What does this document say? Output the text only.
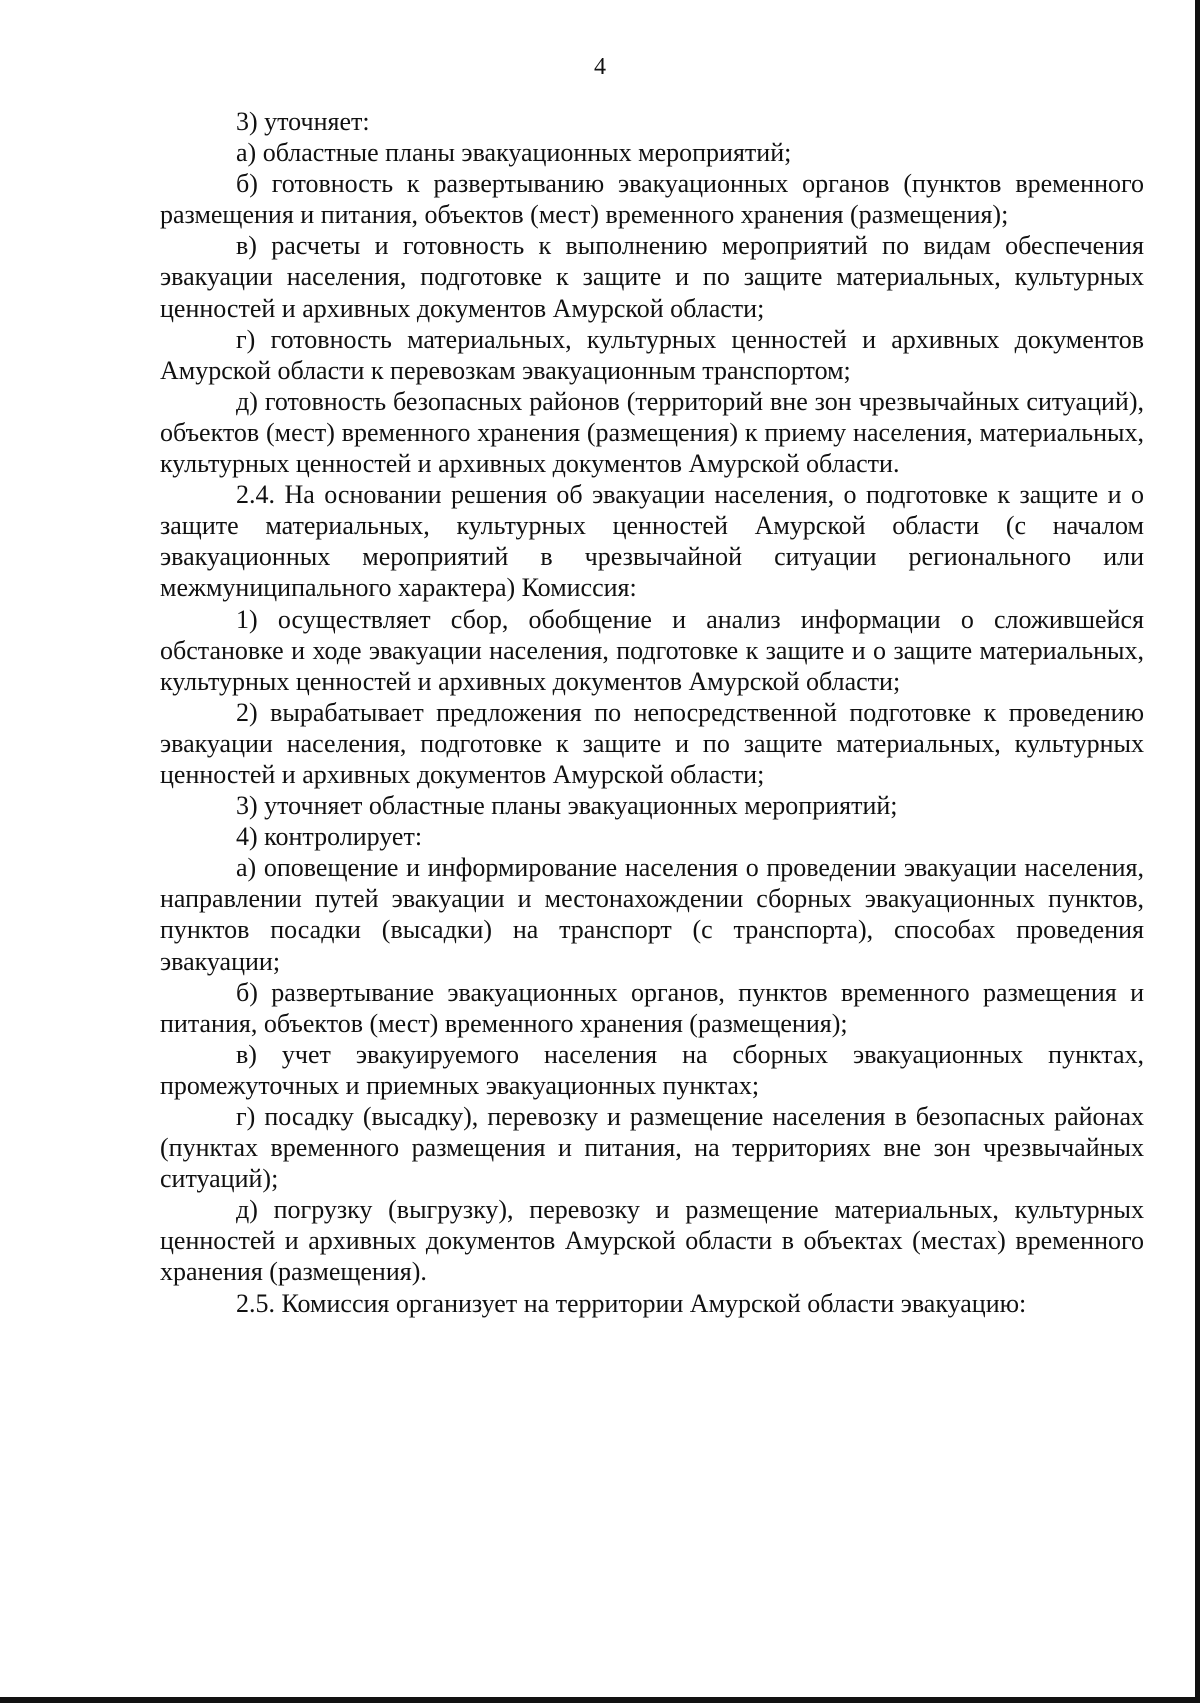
4

3) уточняет:

а) областные планы эвакуационных мероприятий;

б) готовность к развертыванию эвакуационных органов (пунктов временного размещения и питания, объектов (мест) временного хранения (размещения);

в) расчеты и готовность к выполнению мероприятий по видам обеспечения эвакуации населения, подготовке к защите и по защите материальных, культурных ценностей и архивных документов Амурской области;

г) готовность материальных, культурных ценностей и архивных документов Амурской области к перевозкам эвакуационным транспортом;

д) готовность безопасных районов (территорий вне зон чрезвычайных ситуаций), объектов (мест) временного хранения (размещения) к приему населения, материальных, культурных ценностей и архивных документов Амурской области.

2.4. На основании решения об эвакуации населения, о подготовке к защите и о защите материальных, культурных ценностей Амурской области (с началом эвакуационных мероприятий в чрезвычайной ситуации регионального или межмуниципального характера) Комиссия:

1) осуществляет сбор, обобщение и анализ информации о сложившейся обстановке и ходе эвакуации населения, подготовке к защите и о защите материальных, культурных ценностей и архивных документов Амурской области;

2) вырабатывает предложения по непосредственной подготовке к проведению эвакуации населения, подготовке к защите и по защите материальных, культурных ценностей и архивных документов Амурской области;

3) уточняет областные планы эвакуационных мероприятий;

4) контролирует:

а) оповещение и информирование населения о проведении эвакуации населения, направлении путей эвакуации и местонахождении сборных эвакуационных пунктов, пунктов посадки (высадки) на транспорт (с транспорта), способах проведения эвакуации;

б) развертывание эвакуационных органов, пунктов временного размещения и питания, объектов (мест) временного хранения (размещения);

в) учет эвакуируемого населения на сборных эвакуационных пунктах, промежуточных и приемных эвакуационных пунктах;

г) посадку (высадку), перевозку и размещение населения в безопасных районах (пунктах временного размещения и питания, на территориях вне зон чрезвычайных ситуаций);

д) погрузку (выгрузку), перевозку и размещение материальных, культурных ценностей и архивных документов Амурской области в объектах (местах) временного хранения (размещения).

2.5. Комиссия организует на территории Амурской области эвакуацию:
